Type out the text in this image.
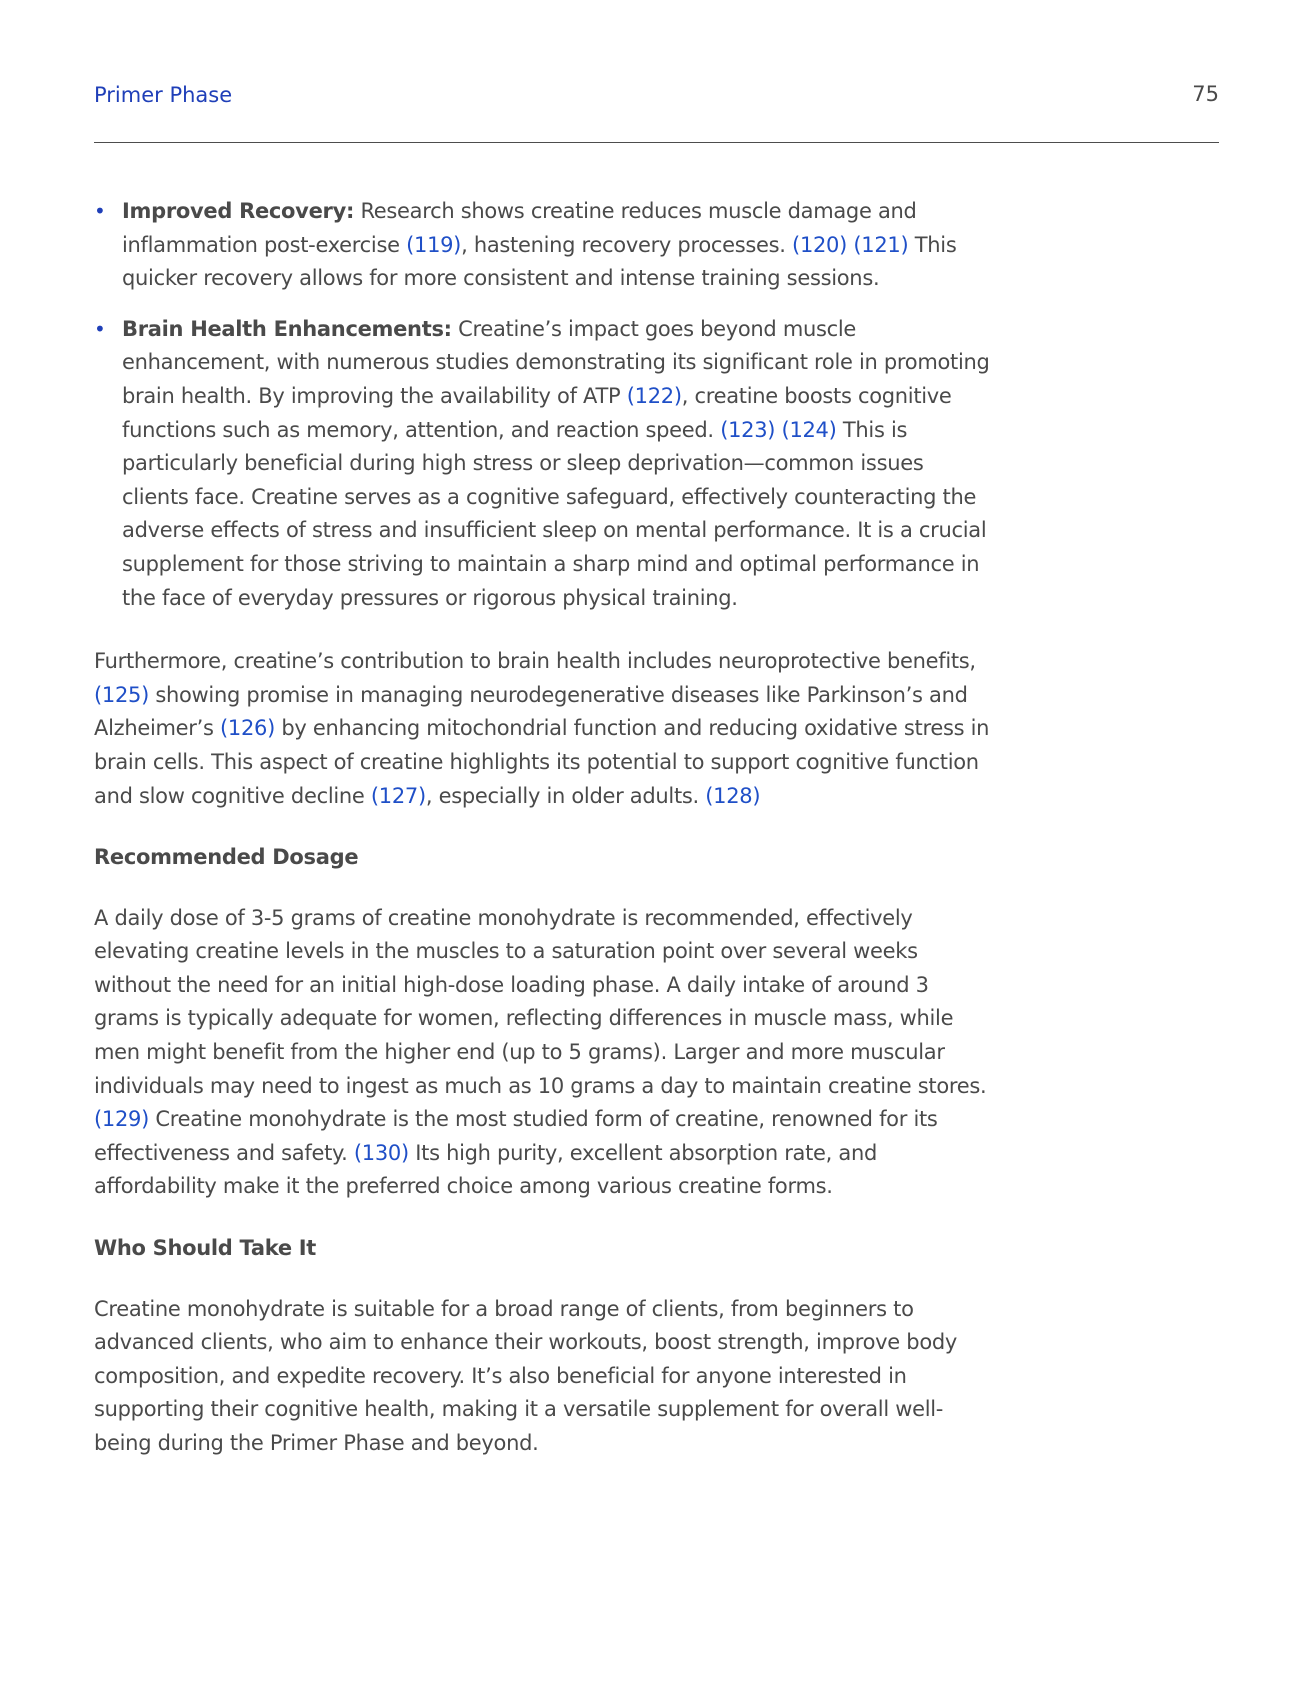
Primer Phase	75
• Improved Recovery: Research shows creatine reduces muscle damage and inflammation post-exercise (119), hastening recovery processes. (120) (121) This quicker recovery allows for more consistent and intense training sessions.
• Brain Health Enhancements: Creatine’s impact goes beyond muscle enhancement, with numerous studies demonstrating its significant role in promoting brain health. By improving the availability of ATP (122), creatine boosts cognitive functions such as memory, attention, and reaction speed. (123) (124) This is particularly beneficial during high stress or sleep deprivation—common issues clients face. Creatine serves as a cognitive safeguard, effectively counteracting the adverse effects of stress and insufficient sleep on mental performance. It is a crucial supplement for those striving to maintain a sharp mind and optimal performance in the face of everyday pressures or rigorous physical training.

Furthermore, creatine’s contribution to brain health includes neuroprotective benefits, (125) showing promise in managing neurodegenerative diseases like Parkinson’s and Alzheimer’s (126) by enhancing mitochondrial function and reducing oxidative stress in brain cells. This aspect of creatine highlights its potential to support cognitive function and slow cognitive decline (127), especially in older adults. (128)

Recommended Dosage

A daily dose of 3-5 grams of creatine monohydrate is recommended, effectively elevating creatine levels in the muscles to a saturation point over several weeks without the need for an initial high-dose loading phase. A daily intake of around 3 grams is typically adequate for women, reflecting differences in muscle mass, while men might benefit from the higher end (up to 5 grams). Larger and more muscular individuals may need to ingest as much as 10 grams a day to maintain creatine stores. (129) Creatine monohydrate is the most studied form of creatine, renowned for its effectiveness and safety. (130) Its high purity, excellent absorption rate, and affordability make it the preferred choice among various creatine forms.

Who Should Take It

Creatine monohydrate is suitable for a broad range of clients, from beginners to advanced clients, who aim to enhance their workouts, boost strength, improve body composition, and expedite recovery. It’s also beneficial for anyone interested in supporting their cognitive health, making it a versatile supplement for overall well-being during the Primer Phase and beyond.
